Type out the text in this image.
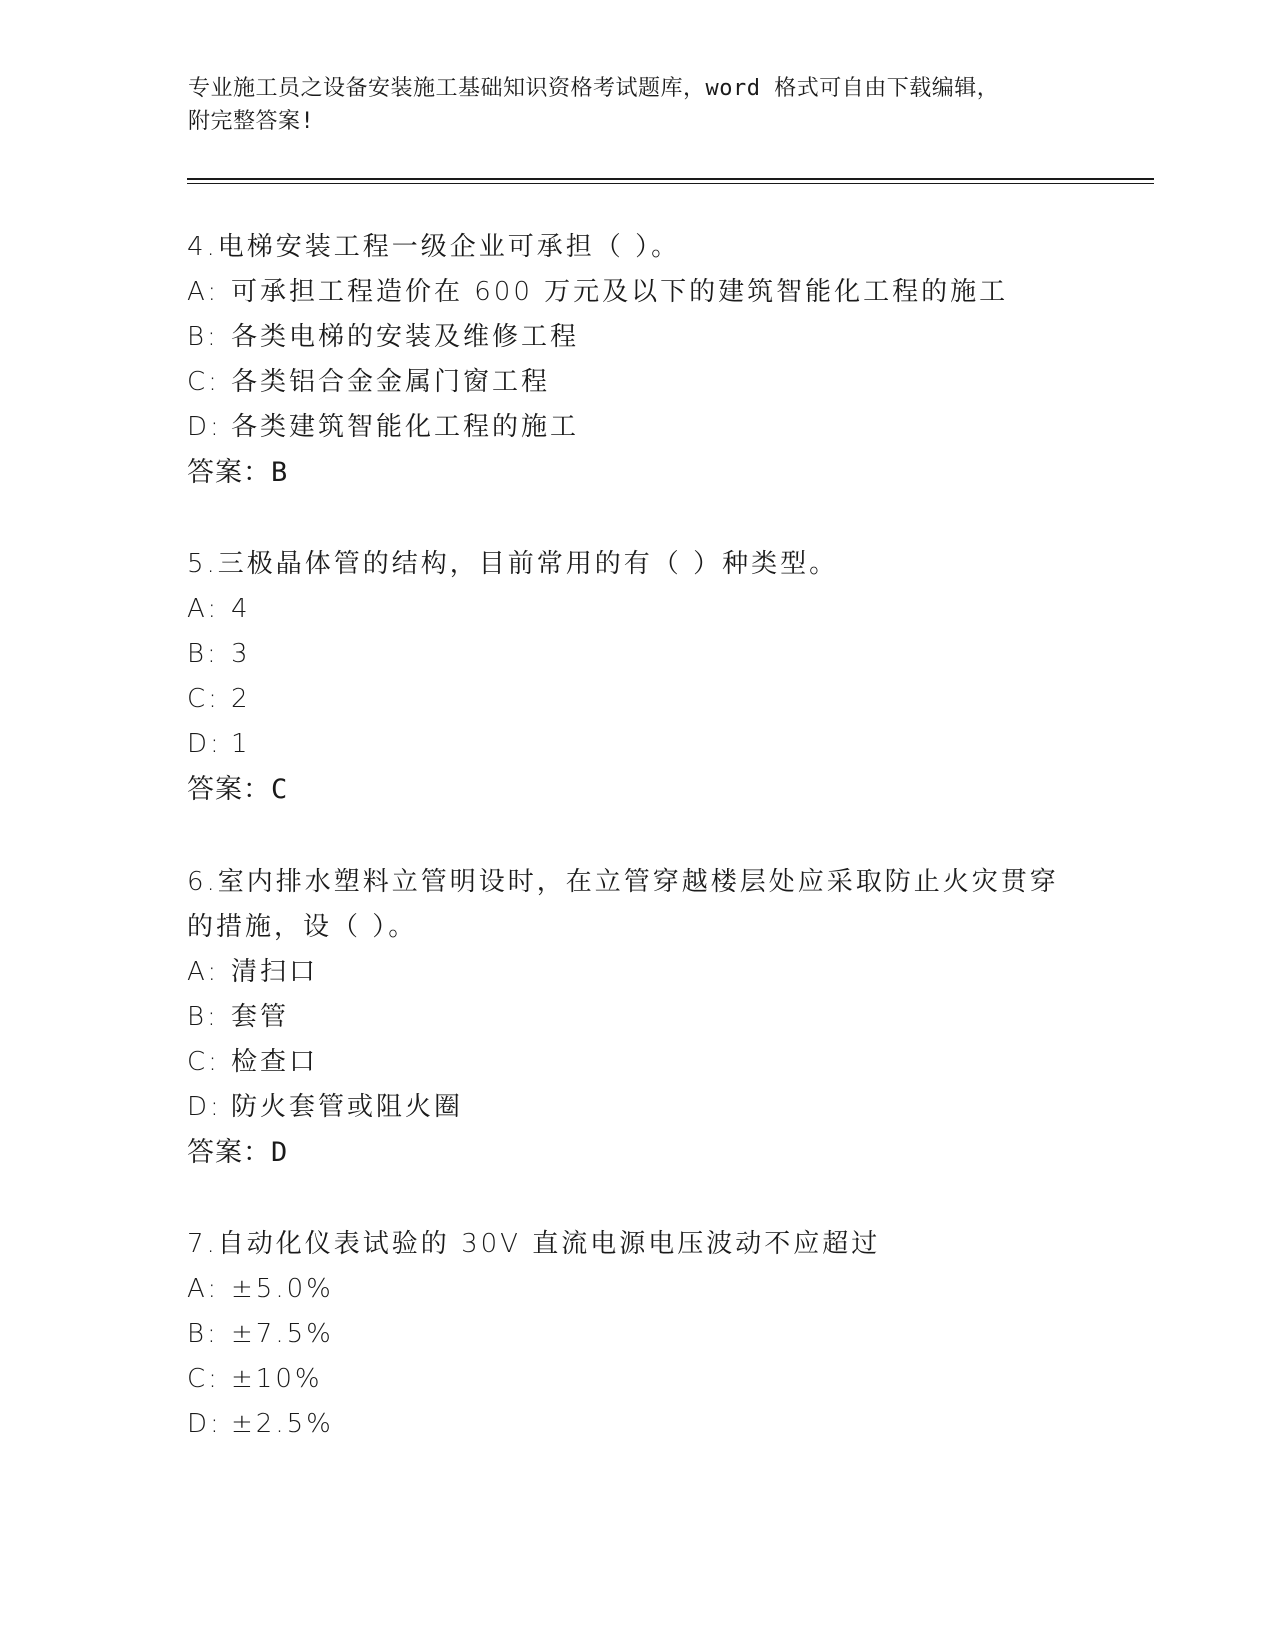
专业施工员之设备安装施工基础知识资格考试题库，word 格式可自由下载编辑，
附完整答案!

4.电梯安装工程一级企业可承担（ ）。

A: 可承担工程造价在 600 万元及以下的建筑智能化工程的施工

B: 各类电梯的安装及维修工程

C: 各类铝合金金属门窗工程

D: 各类建筑智能化工程的施工

答案：B

5.三极晶体管的结构，目前常用的有（ ）种类型。

A: 4

B: 3

C: 2

D: 1

答案：C

6.室内排水塑料立管明设时，在立管穿越楼层处应采取防止火灾贯穿

的措施，设（ ）。

A: 清扫口

B: 套管

C: 检查口

D: 防火套管或阻火圈

答案：D

7.自动化仪表试验的 30V 直流电源电压波动不应超过

A: ±5.0%

B: ±7.5%

C: ±10%

D: ±2.5%
